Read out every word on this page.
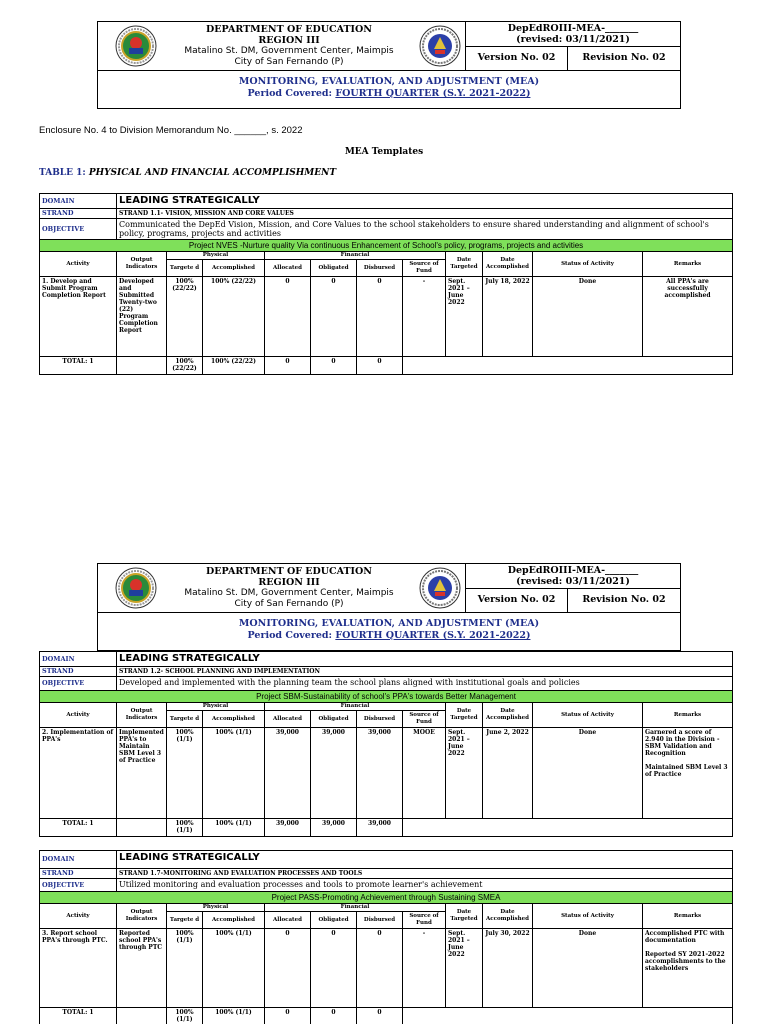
DEPARTMENT OF EDUCATION
REGION III
Matalino St. DM, Government Center, Maimpis
City of San Fernando (P)
DepEdROIII-MEA-_______
(revised: 03/11/2021)
Version No. 02	Revision No. 02
MONITORING, EVALUATION, AND ADJUSTMENT (MEA)
Period Covered: FOURTH QUARTER (S.Y. 2021-2022)
Enclosure No. 4 to Division Memorandum No. ______, s. 2022
MEA Templates
TABLE 1: PHYSICAL AND FINANCIAL ACCOMPLISHMENT
DOMAIN	LEADING STRATEGICALLY										
STRAND	STRAND 1.1- VISION, MISSION AND CORE VALUES										
OBJECTIVE	Communicated the DepEd Vision, Mission, and Core Values to the school stakeholders to ensure shared understanding and alignment of school's policy, programs, projects and activities										
Project NVES -Nurture quality Via continuous Enhancement of School's policy, programs, projects and activities											
Activity	Output Indicators	Physical		Financial				Date Targeted	Date Accomplished	Status of Activity	Remarks
		Targete d	Accomplished	Allocated	Obligated	Disbursed	Source of Fund				
1. Develop and Submit Program Completion Report	Developed and Submitted Twenty-two (22) Program Completion Report	100% (22/22)	100% (22/22)	0	0	0	-	Sept. 2021 – June 2022	July 18, 2022	Done	All PPA's are successfully accomplished
TOTAL: 1		100% (22/22)	100% (22/22)	0	0	0					
DEPARTMENT OF EDUCATION
REGION III
Matalino St. DM, Government Center, Maimpis
City of San Fernando (P)
DepEdROIII-MEA-_______
(revised: 03/11/2021)
Version No. 02	Revision No. 02
MONITORING, EVALUATION, AND ADJUSTMENT (MEA)
Period Covered: FOURTH QUARTER (S.Y. 2021-2022)
DOMAIN	LEADING STRATEGICALLY										
STRAND	STRAND 1.2- SCHOOL PLANNING AND IMPLEMENTATION										
OBJECTIVE	Developed and implemented with the planning team the school plans aligned with institutional goals and policies										
Project SBM-Sustainability of school's PPA's towards Better Management											
Activity	Output Indicators	Physical		Financial				Date Targeted	Date Accomplished	Status of Activity	Remarks
		Targete d	Accomplished	Allocated	Obligated	Disbursed	Source of Fund				
2. Implementation of PPA's	Implemented PPA's to Maintain SBM Level 3 of Practice	100% (1/1)	100% (1/1)	39,000	39,000	39,000	MOOE	Sept. 2021 – June 2022	June 2, 2022	Done	Garnered a score of 2.940 in the Division -SBM Validation and Recognition

Maintained SBM Level 3 of Practice
TOTAL: 1		100% (1/1)	100% (1/1)	39,000	39,000	39,000					
DOMAIN	LEADING STRATEGICALLY										
STRAND	STRAND 1.7-MONITORING AND EVALUATION PROCESSES AND TOOLS										
OBJECTIVE	Utilized monitoring and evaluation processes and tools to promote learner's achievement										
Project PASS-Promoting Achievement through Sustaining SMEA											
Activity	Output Indicators	Physical		Financial				Date Targeted	Date Accomplished	Status of Activity	Remarks
		Targete d	Accomplished	Allocated	Obligated	Disbursed	Source of Fund				
3. Report school PPA's through PTC.	Reported school PPA's through PTC	100% (1/1)	100% (1/1)	0	0	0	-	Sept. 2021 – June 2022	July 30, 2022	Done	Accomplished PTC with documentation

Reported SY 2021-2022 accomplishments to the stakeholders
TOTAL: 1		100% (1/1)	100% (1/1)	0	0	0					
